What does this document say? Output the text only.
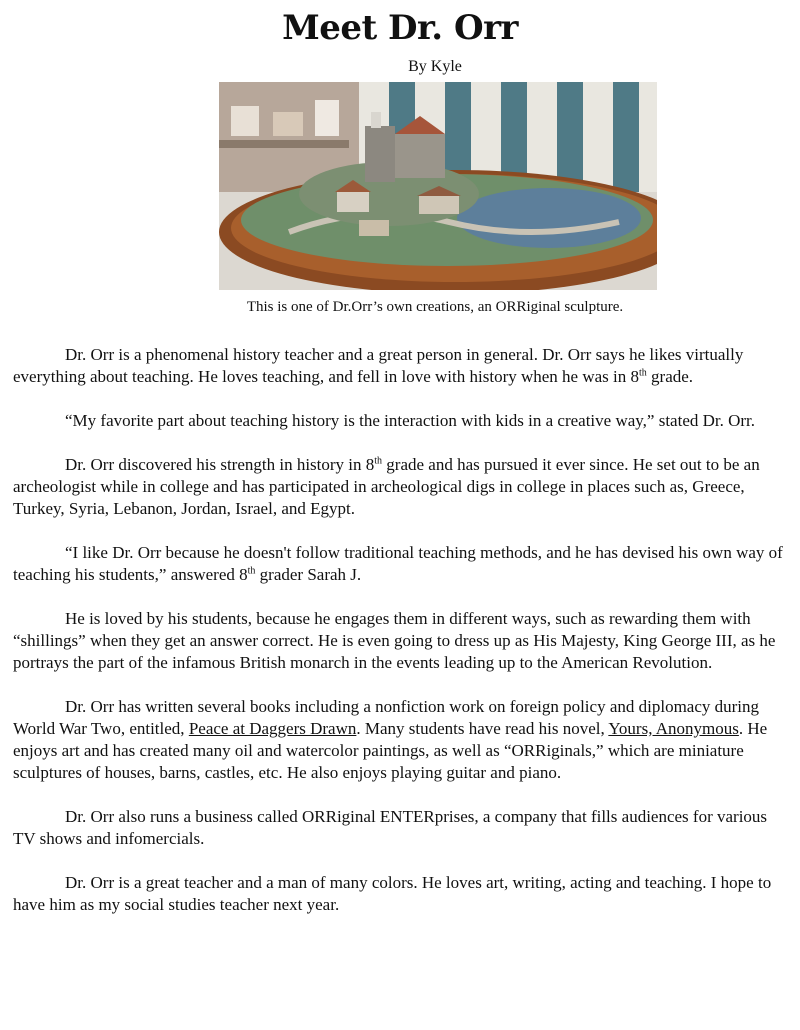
Meet Dr. Orr
By Kyle
This is one of Dr.Orr’s own creations, an ORRiginal sculpture.

Dr. Orr is a phenomenal history teacher and a great person in general. Dr. Orr says he likes virtually everything about teaching. He loves teaching, and fell in love with history when he was in 8th grade.

“My favorite part about teaching history is the interaction with kids in a creative way,” stated Dr. Orr.

Dr. Orr discovered his strength in history in 8th grade and has pursued it ever since. He set out to be an archeologist while in college and has participated in archeological digs in college in places such as, Greece, Turkey, Syria, Lebanon, Jordan, Israel, and Egypt.

“I like Dr. Orr because he doesn't follow traditional teaching methods, and he has devised his own way of teaching his students,” answered 8th grader Sarah J.

He is loved by his students, because he engages them in different ways, such as rewarding them with “shillings” when they get an answer correct. He is even going to dress up as His Majesty, King George III, as he portrays the part of the infamous British monarch in the events leading up to the American Revolution.

Dr. Orr has written several books including a nonfiction work on foreign policy and diplomacy during World War Two, entitled, Peace at Daggers Drawn. Many students have read his novel, Yours, Anonymous. He enjoys art and has created many oil and watercolor paintings, as well as “ORRiginals,” which are miniature sculptures of houses, barns, castles, etc. He also enjoys playing guitar and piano.

Dr. Orr also runs a business called ORRiginal ENTERprises, a company that fills audiences for various TV shows and infomercials.

Dr. Orr is a great teacher and a man of many colors. He loves art, writing, acting and teaching. I hope to have him as my social studies teacher next year.
